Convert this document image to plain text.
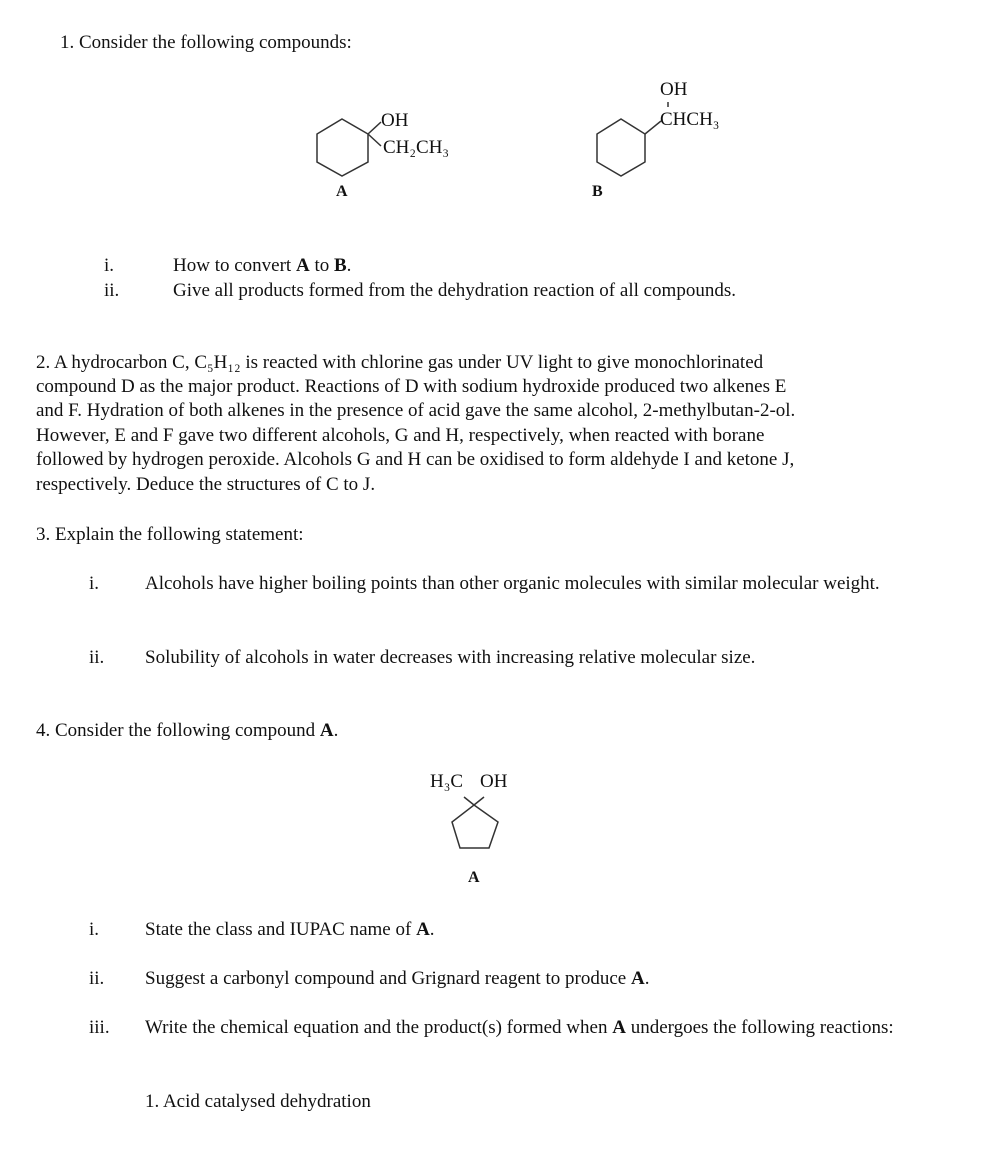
1. Consider the following compounds:
OH
CH₂CH₃
A
OH
CHCH₃
B
i.	How to convert A to B.
ii.	Give all products formed from the dehydration reaction of all compounds.
2. A hydrocarbon C, C₅H₁₂ is reacted with chlorine gas under UV light to give monochlorinated
compound D as the major product. Reactions of D with sodium hydroxide produced two alkenes E
and F. Hydration of both alkenes in the presence of acid gave the same alcohol, 2-methylbutan-2-ol.
However, E and F gave two different alcohols, G and H, respectively, when reacted with borane
followed by hydrogen peroxide. Alcohols G and H can be oxidised to form aldehyde I and ketone J,
respectively. Deduce the structures of C to J.
3. Explain the following statement:
i. Alcohols have higher boiling points than other organic molecules with similar molecular weight.
ii. Solubility of alcohols in water decreases with increasing relative molecular size.
4. Consider the following compound A.
H₃C OH
A
i. State the class and IUPAC name of A.
ii. Suggest a carbonyl compound and Grignard reagent to produce A.
iii. Write the chemical equation and the product(s) formed when A undergoes the following reactions:
1. Acid catalysed dehydration
